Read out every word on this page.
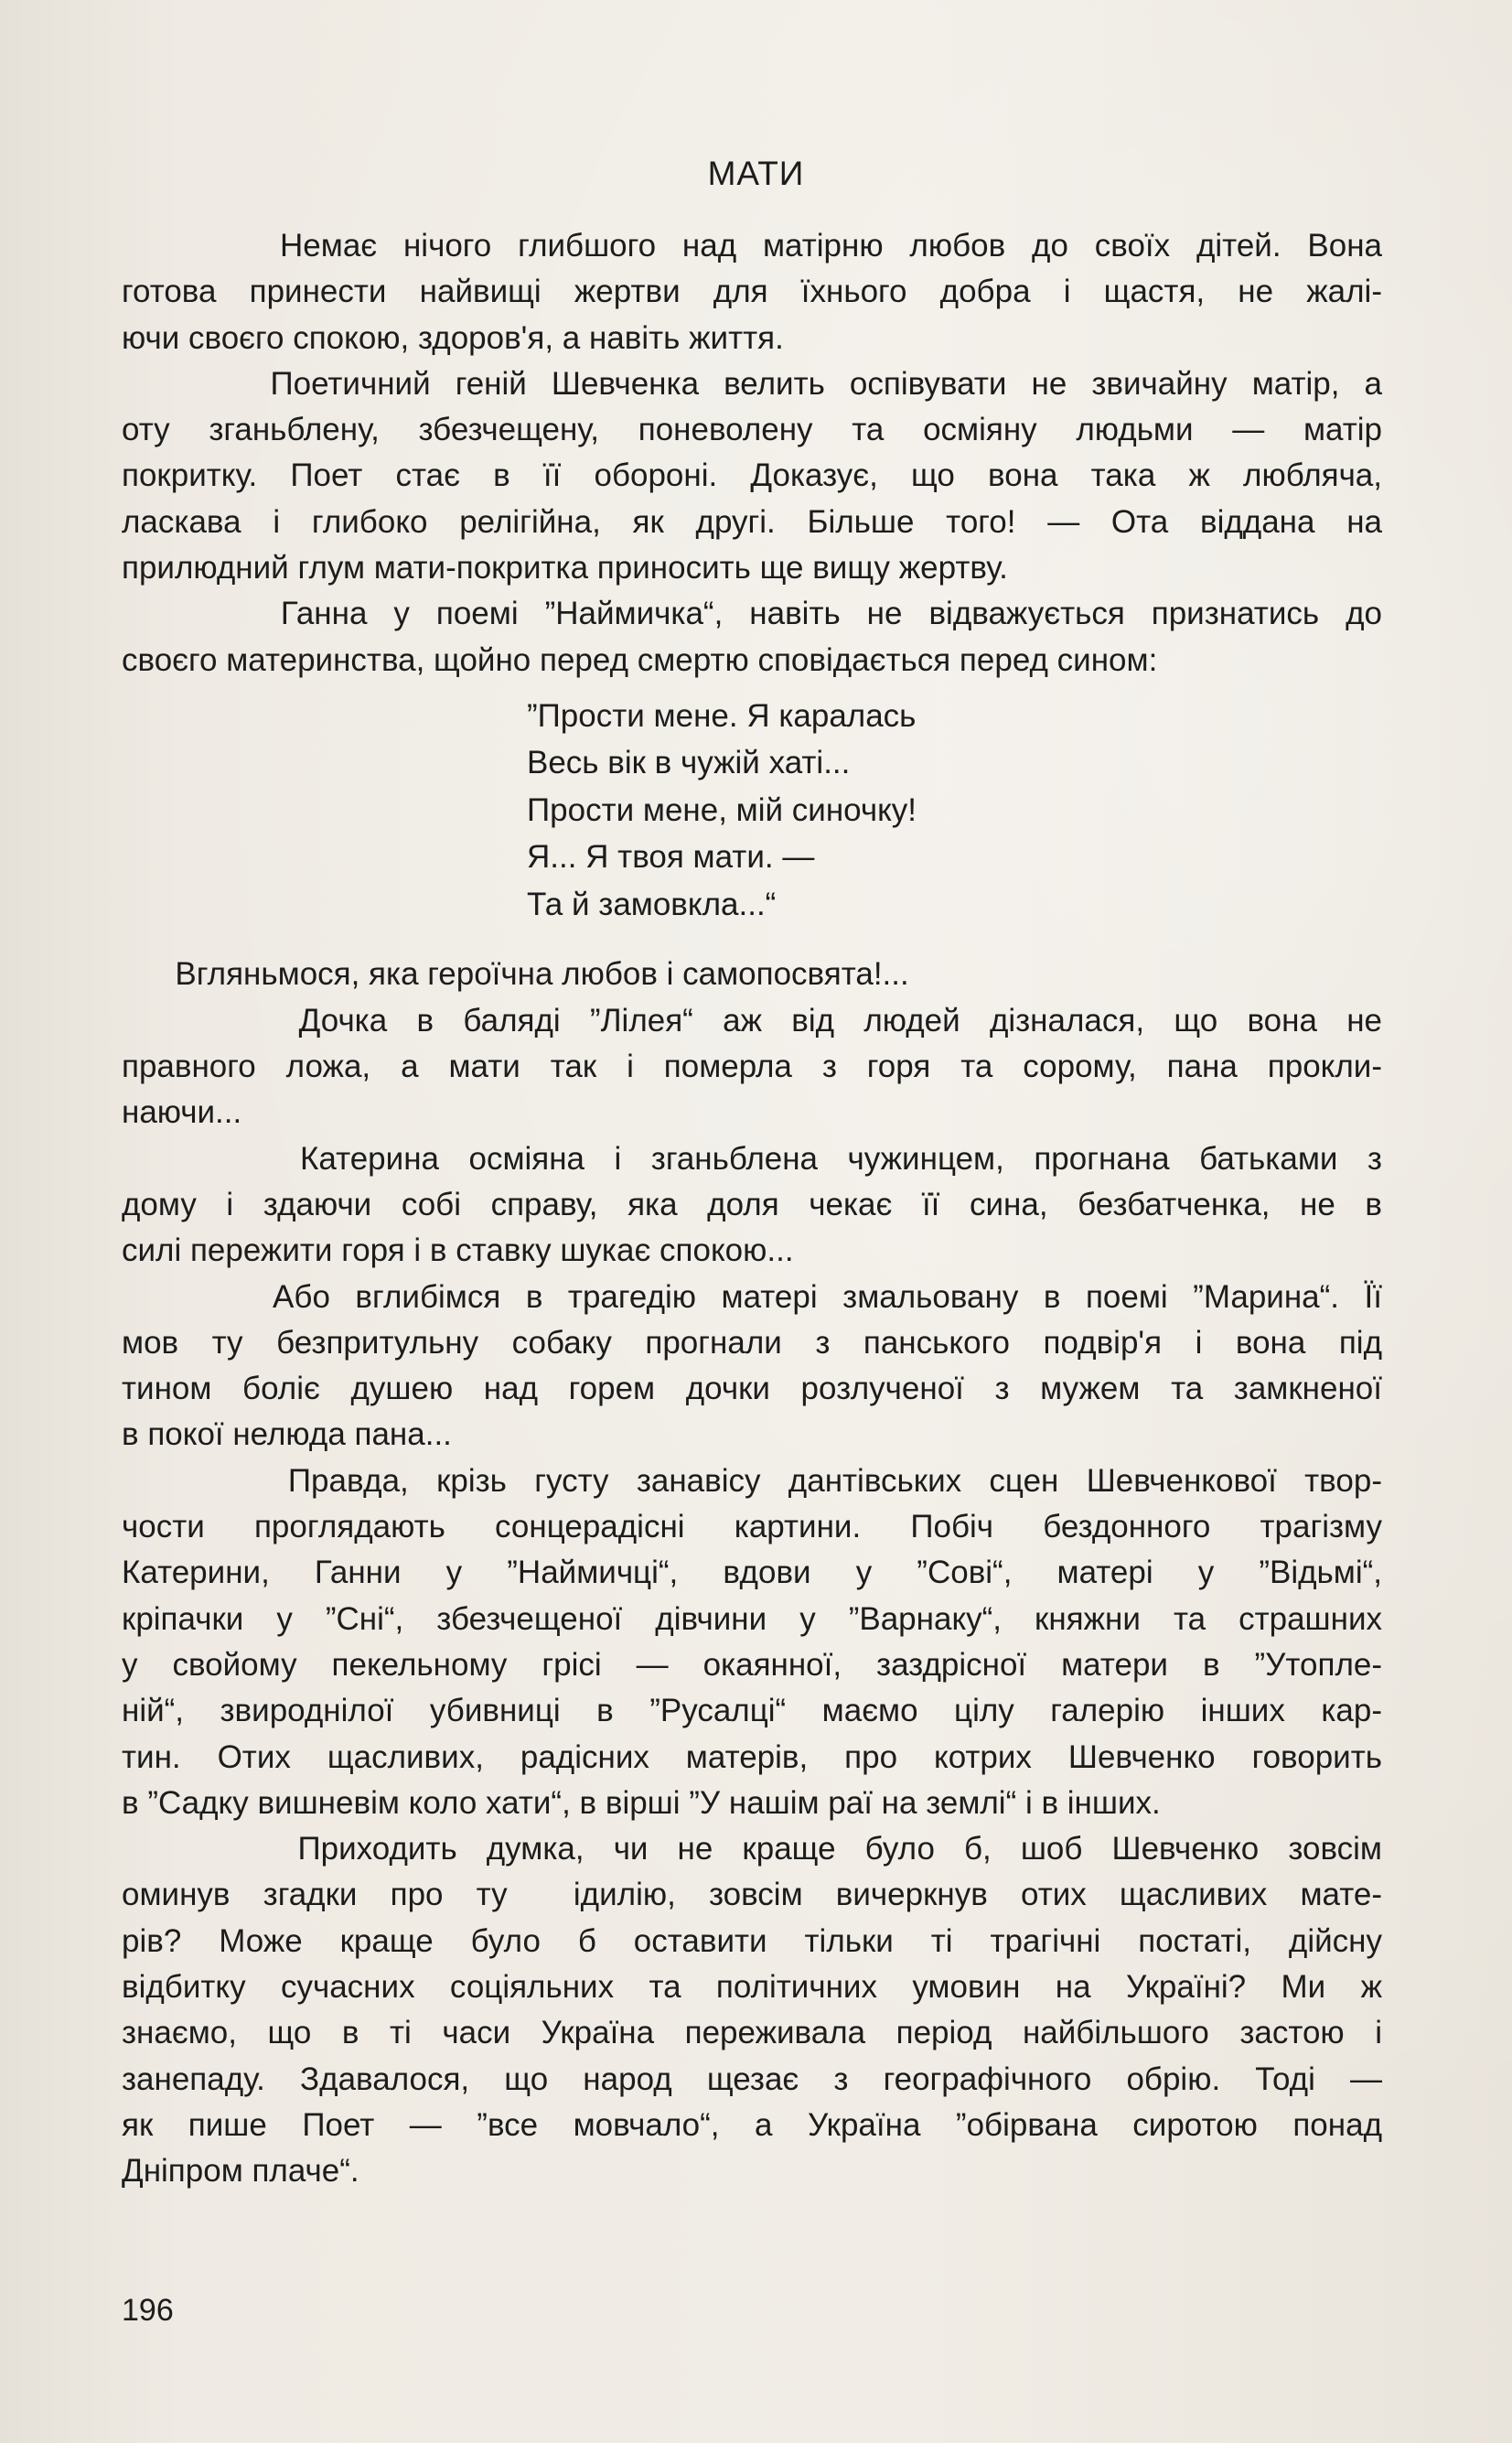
МАТИ
Немає нічого глибшого над матірню любов до своїх дітей. Вона
готова принести найвищі жертви для їхнього добра і щастя, не жалі-
ючи своєго спокою, здоров'я, а навіть життя.
Поетичний геній Шевченка велить оспівувати не звичайну матір, а
оту зганьблену, збезчещену, поневолену та осміяну людьми — матір
покритку. Поет стає в її обороні. Доказує, що вона така ж любляча,
ласкава і глибоко релігійна, як другі. Більше того! — Ота віддана на
прилюдний глум мати-покритка приносить ще вищу жертву.
Ганна у поемі ”Наймичка“, навіть не відважується признатись до
своєго материнства, щойно перед смертю сповідається перед сином:
”Прости мене. Я каралась
Весь вік в чужій хаті...
Прости мене, мій синочку!
Я... Я твоя мати. —
Та й замовкла...“
Вгляньмося, яка героїчна любов і самопосвята!...
Дочка в баляді ”Лілея“ аж від людей дізналася, що вона не
правного ложа, а мати так і померла з горя та сорому, пана прокли-
наючи...
Катерина осміяна і зганьблена чужинцем, прогнана батьками з
дому і здаючи собі справу, яка доля чекає її сина, безбатченка, не в
силі пережити горя і в ставку шукає спокою...
Або вглибімся в трагедію матері змальовану в поемі ”Марина“. Її
мов ту безпритульну собаку прогнали з панського подвір'я і вона під
тином боліє душею над горем дочки розлученої з мужем та замкненої
в покої нелюда пана...
Правда, крізь густу занавісу дантівських сцен Шевченкової твор-
чости проглядають сонцерадісні картини. Побіч бездонного трагізму
Катерини, Ганни у ”Наймичці“, вдови у ”Сові“, матері у ”Відьмі“,
кріпачки у ”Сні“, збезчещеної дівчини у ”Варнаку“, княжни та страшних
у свойому пекельному грісі — окаянної, заздрісної матери в ”Утопле-
ній“, звироднілої убивниці в ”Русалці“ маємо цілу галерію інших кар-
тин. Отих щасливих, радісних матерів, про котрих Шевченко говорить
в ”Садку вишневім коло хати“, в вірші ”У нашім раї на землі“ і в інших.
Приходить думка, чи не краще було б, шоб Шевченко зовсім
оминув згадки про ту  ідилію, зовсім вичеркнув отих щасливих мате-
рів? Може краще було б оставити тільки ті трагічні постаті, дійсну
відбитку сучасних соціяльних та політичних умовин на Україні? Ми ж
знаємо, що в ті часи Україна переживала період найбільшого застою і
занепаду. Здавалося, що народ щезає з географічного обрію. Тоді —
як пише Поет — ”все мовчало“, а Україна ”обірвана сиротою понад
Дніпром плаче“.
196
